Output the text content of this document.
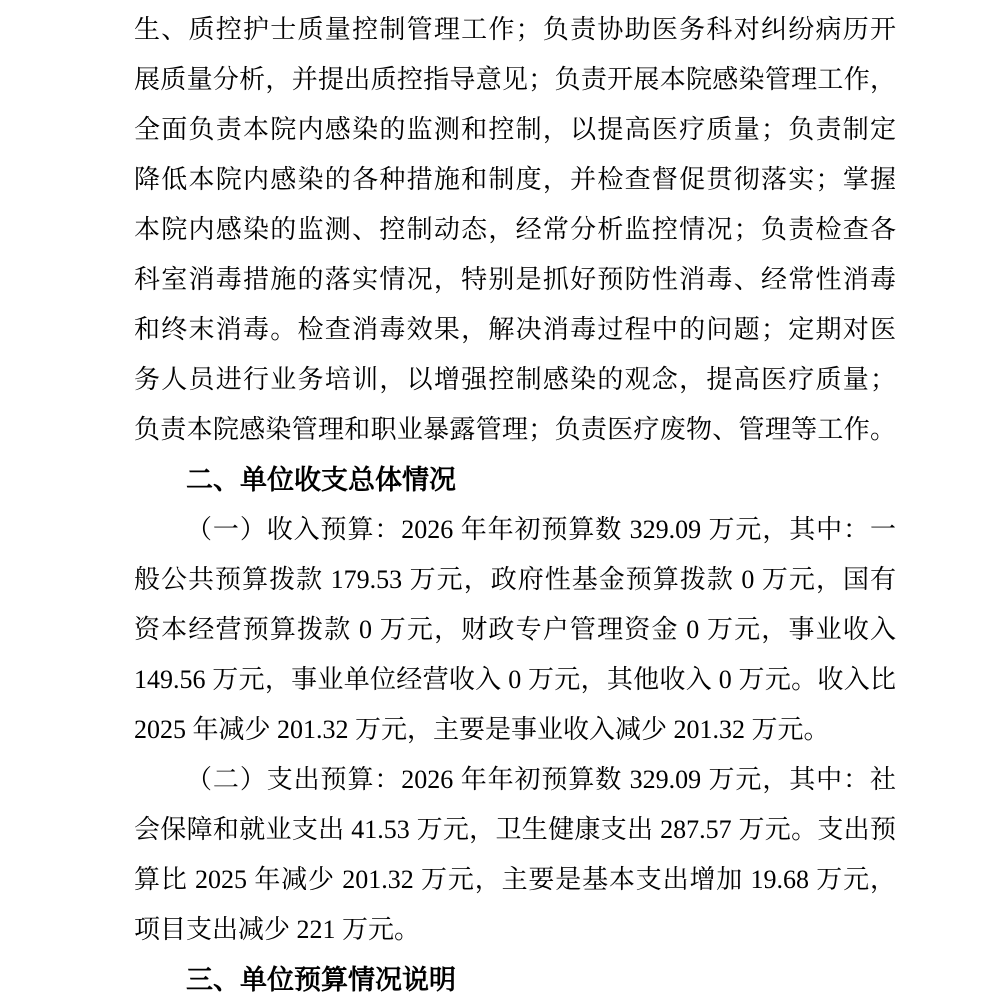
生、质控护士质量控制管理工作；负责协助医务科对纠纷病历开
展质量分析，并提出质控指导意见；负责开展本院感染管理工作，
全面负责本院内感染的监测和控制，以提高医疗质量；负责制定
降低本院内感染的各种措施和制度，并检查督促贯彻落实；掌握
本院内感染的监测、控制动态，经常分析监控情况；负责检查各
科室消毒措施的落实情况，特别是抓好预防性消毒、经常性消毒
和终末消毒。检查消毒效果，解决消毒过程中的问题；定期对医
务人员进行业务培训，以增强控制感染的观念，提高医疗质量；
负责本院感染管理和职业暴露管理；负责医疗废物、管理等工作。
二、单位收支总体情况
（一）收入预算：2026 年年初预算数 329.09 万元，其中：一
般公共预算拨款 179.53 万元，政府性基金预算拨款 0 万元，国有
资本经营预算拨款 0 万元，财政专户管理资金 0 万元，事业收入
149.56 万元，事业单位经营收入 0 万元，其他收入 0 万元。收入比
2025 年减少 201.32 万元，主要是事业收入减少 201.32 万元。
（二）支出预算：2026 年年初预算数 329.09 万元，其中：社
会保障和就业支出 41.53 万元，卫生健康支出 287.57 万元。支出预
算比 2025 年减少 201.32 万元，主要是基本支出增加 19.68 万元，
项目支出减少 221 万元。
三、单位预算情况说明
